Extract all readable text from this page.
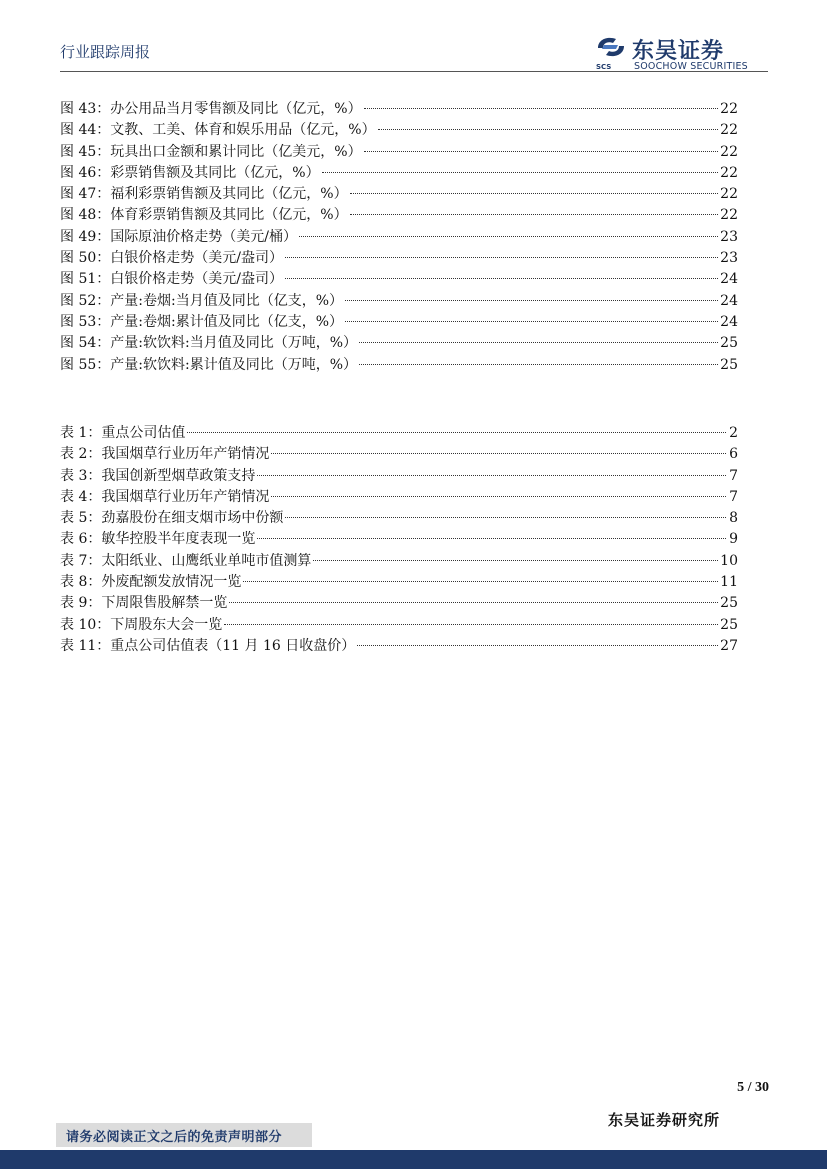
行业跟踪周报
SCS
东吴证券
SOOCHOW SECURITIES
图 43：办公用品当月零售额及同比（亿元，%）	22
图 44：文教、工美、体育和娱乐用品（亿元，%）	22
图 45：玩具出口金额和累计同比（亿美元，%）	22
图 46：彩票销售额及其同比（亿元，%）	22
图 47：福利彩票销售额及其同比（亿元，%）	22
图 48：体育彩票销售额及其同比（亿元，%）	22
图 49：国际原油价格走势（美元/桶）	23
图 50：白银价格走势（美元/盎司）	23
图 51：白银价格走势（美元/盎司）	24
图 52：产量:卷烟:当月值及同比（亿支，%）	24
图 53：产量:卷烟:累计值及同比（亿支，%）	24
图 54：产量:软饮料:当月值及同比（万吨，%）	25
图 55：产量:软饮料:累计值及同比（万吨，%）	25
表 1：重点公司估值	2
表 2：我国烟草行业历年产销情况	6
表 3：我国创新型烟草政策支持	7
表 4：我国烟草行业历年产销情况	7
表 5：劲嘉股份在细支烟市场中份额	8
表 6：敏华控股半年度表现一览	9
表 7：太阳纸业、山鹰纸业单吨市值测算	10
表 8：外废配额发放情况一览	11
表 9：下周限售股解禁一览	25
表 10：下周股东大会一览	25
表 11：重点公司估值表（11 月 16 日收盘价）	27
5 / 30
东吴证券研究所
请务必阅读正文之后的免责声明部分
